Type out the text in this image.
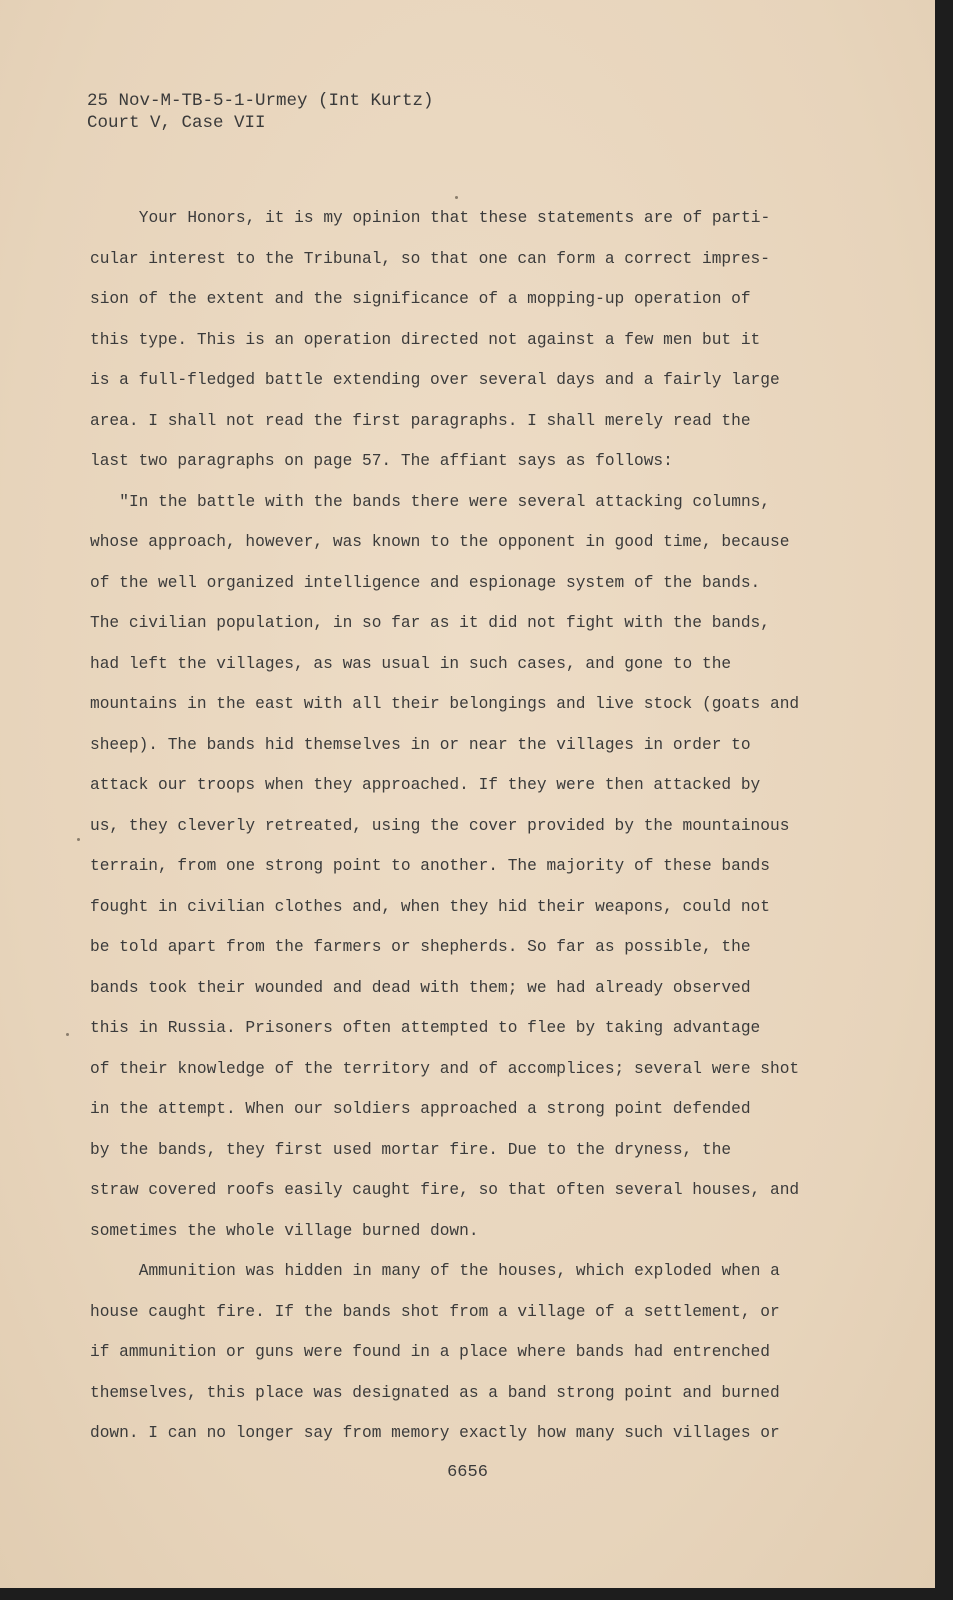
25 Nov-M-TB-5-1-Urmey (Int Kurtz)
Court V, Case VII
Your Honors, it is my opinion that these statements are of parti-
cular interest to the Tribunal, so that one can form a correct impres-
sion of the extent and the significance of a mopping-up operation of
this type. This is an operation directed not against a few men but it
is a full-fledged battle extending over several days and a fairly large
area. I shall not read the first paragraphs. I shall merely read the
last two paragraphs on page 57. The affiant says as follows:
"In the battle with the bands there were several attacking columns,
whose approach, however, was known to the opponent in good time, because
of the well organized intelligence and espionage system of the bands.
The civilian population, in so far as it did not fight with the bands,
had left the villages, as was usual in such cases, and gone to the
mountains in the east with all their belongings and live stock (goats and
sheep). The bands hid themselves in or near the villages in order to
attack our troops when they approached. If they were then attacked by
us, they cleverly retreated, using the cover provided by the mountainous
terrain, from one strong point to another. The majority of these bands
fought in civilian clothes and, when they hid their weapons, could not
be told apart from the farmers or shepherds. So far as possible, the
bands took their wounded and dead with them; we had already observed
this in Russia. Prisoners often attempted to flee by taking advantage
of their knowledge of the territory and of accomplices; several were shot
in the attempt. When our soldiers approached a strong point defended
by the bands, they first used mortar fire. Due to the dryness, the
straw covered roofs easily caught fire, so that often several houses, and
sometimes the whole village burned down.
Ammunition was hidden in many of the houses, which exploded when a
house caught fire. If the bands shot from a village of a settlement, or
if ammunition or guns were found in a place where bands had entrenched
themselves, this place was designated as a band strong point and burned
down. I can no longer say from memory exactly how many such villages or
6656
